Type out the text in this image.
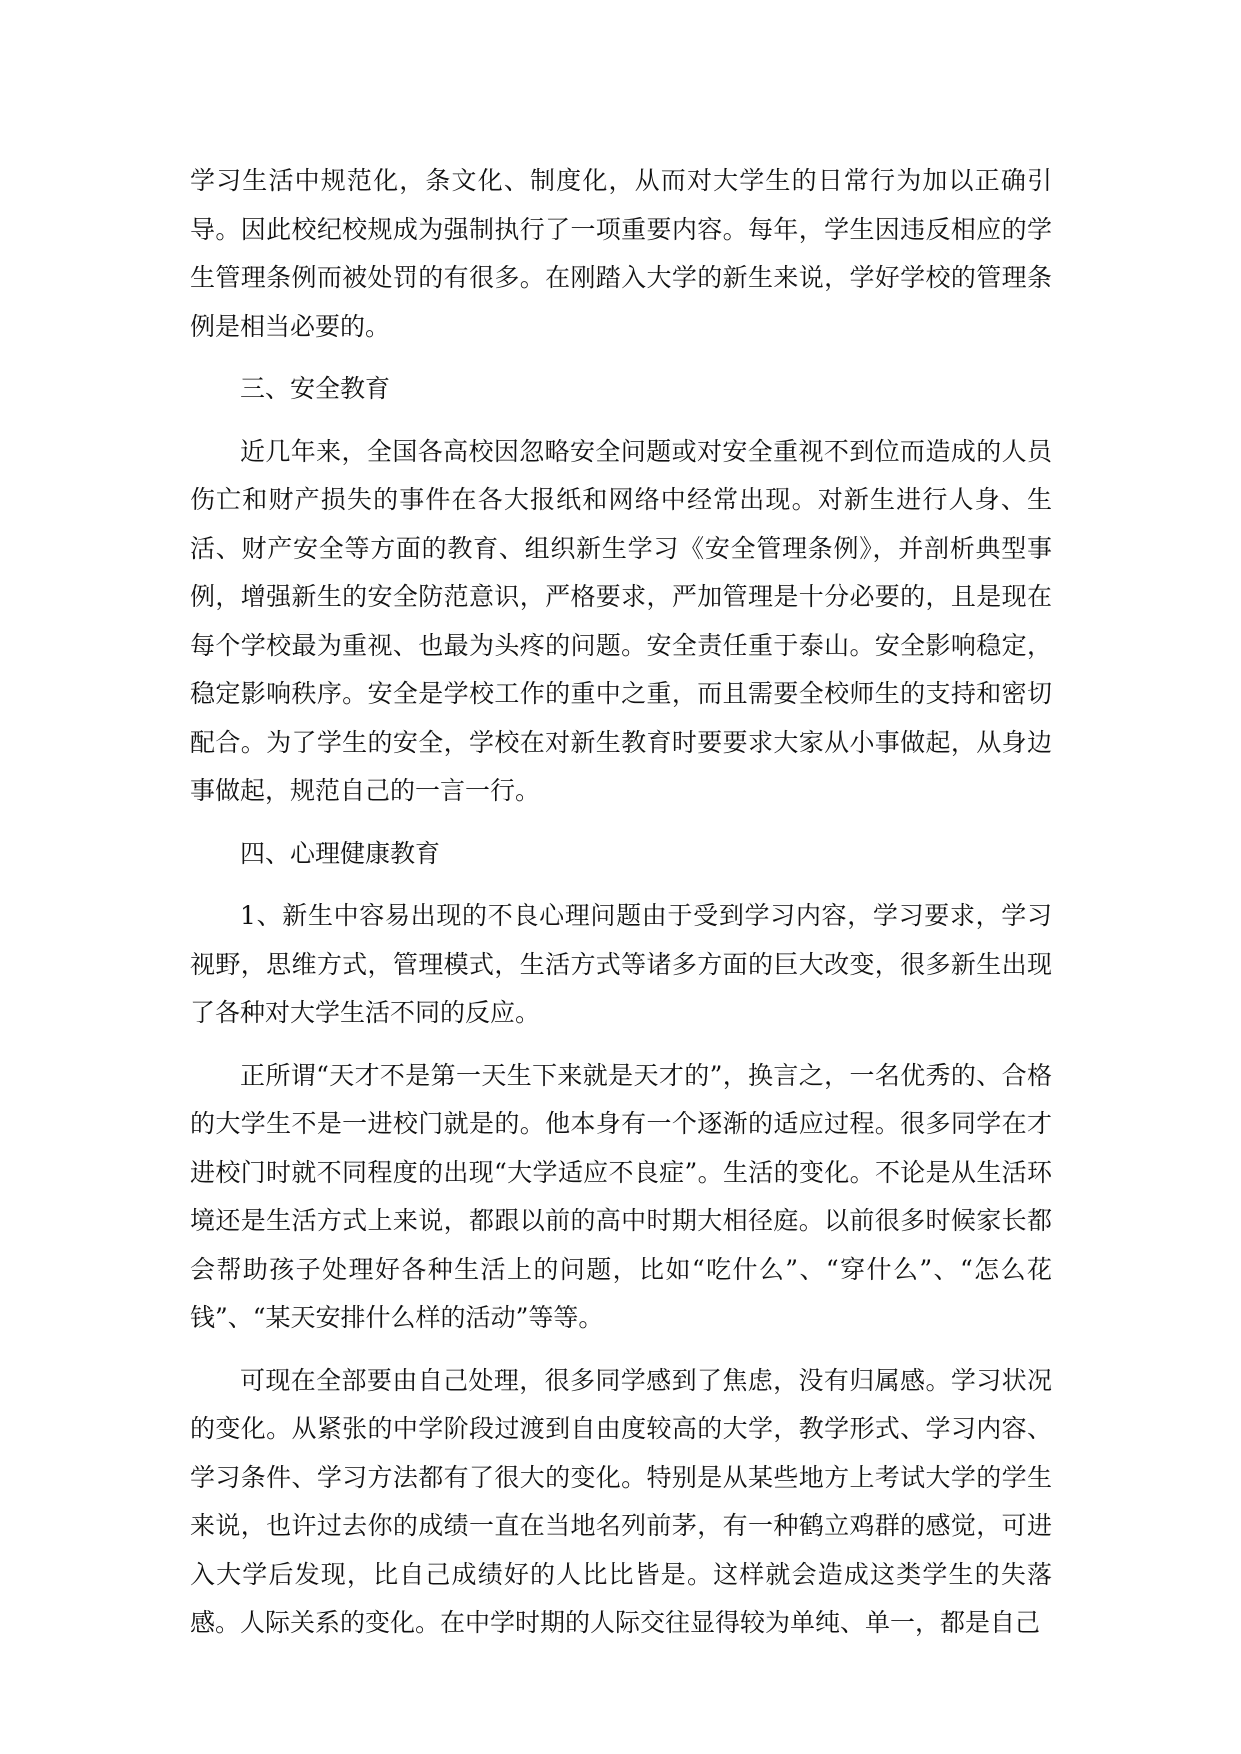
学习生活中规范化，条文化、制度化，从而对大学生的日常行为加以正确引导。因此校纪校规成为强制执行了一项重要内容。每年，学生因违反相应的学生管理条例而被处罚的有很多。在刚踏入大学的新生来说，学好学校的管理条例是相当必要的。

三、安全教育

近几年来，全国各高校因忽略安全问题或对安全重视不到位而造成的人员伤亡和财产损失的事件在各大报纸和网络中经常出现。对新生进行人身、生活、财产安全等方面的教育、组织新生学习《安全管理条例》，并剖析典型事例，增强新生的安全防范意识，严格要求，严加管理是十分必要的，且是现在每个学校最为重视、也最为头疼的问题。安全责任重于泰山。安全影响稳定，稳定影响秩序。安全是学校工作的重中之重，而且需要全校师生的支持和密切配合。为了学生的安全，学校在对新生教育时要要求大家从小事做起，从身边事做起，规范自己的一言一行。

四、心理健康教育

1、新生中容易出现的不良心理问题由于受到学习内容，学习要求，学习视野，思维方式，管理模式，生活方式等诸多方面的巨大改变，很多新生出现了各种对大学生活不同的反应。

正所谓“天才不是第一天生下来就是天才的”，换言之，一名优秀的、合格的大学生不是一进校门就是的。他本身有一个逐渐的适应过程。很多同学在才进校门时就不同程度的出现“大学适应不良症”。生活的变化。不论是从生活环境还是生活方式上来说，都跟以前的高中时期大相径庭。以前很多时候家长都会帮助孩子处理好各种生活上的问题，比如“吃什么”、“穿什么”、“怎么花钱”、“某天安排什么样的活动”等等。

可现在全部要由自己处理，很多同学感到了焦虑，没有归属感。学习状况的变化。从紧张的中学阶段过渡到自由度较高的大学，教学形式、学习内容、学习条件、学习方法都有了很大的变化。特别是从某些地方上考试大学的学生来说，也许过去你的成绩一直在当地名列前茅，有一种鹤立鸡群的感觉，可进入大学后发现，比自己成绩好的人比比皆是。这样就会造成这类学生的失落感。人际关系的变化。在中学时期的人际交往显得较为单纯、单一，都是自己
